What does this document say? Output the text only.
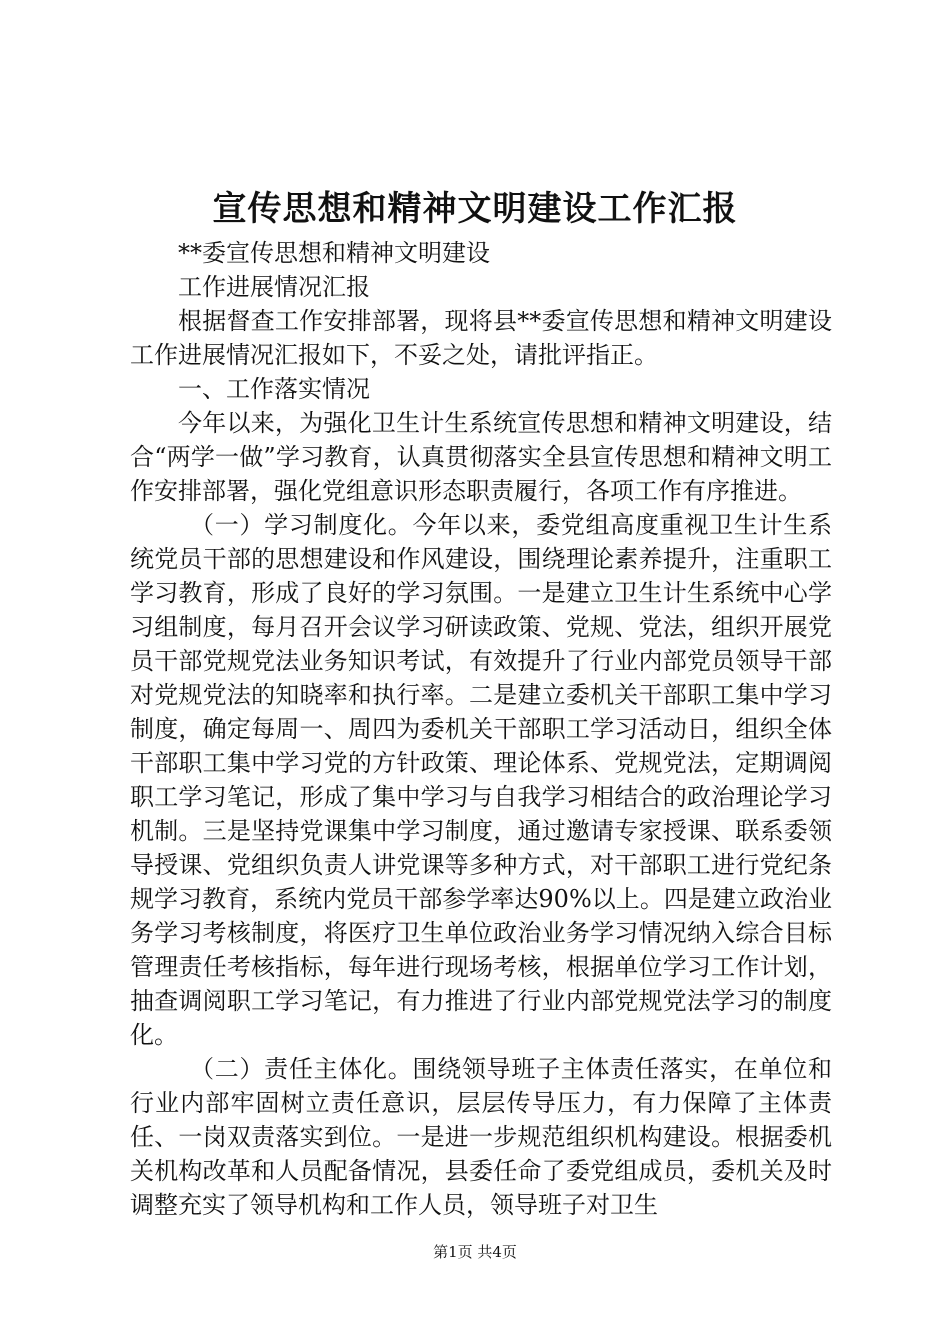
宣传思想和精神文明建设工作汇报

**委宣传思想和精神文明建设

工作进展情况汇报

根据督查工作安排部署，现将县**委宣传思想和精神文明建设工作进展情况汇报如下，不妥之处，请批评指正。

一、工作落实情况

今年以来，为强化卫生计生系统宣传思想和精神文明建设，结合“两学一做”学习教育，认真贯彻落实全县宣传思想和精神文明工作安排部署，强化党组意识形态职责履行，各项工作有序推进。

（一）学习制度化。今年以来，委党组高度重视卫生计生系统党员干部的思想建设和作风建设，围绕理论素养提升，注重职工学习教育，形成了良好的学习氛围。一是建立卫生计生系统中心学习组制度，每月召开会议学习研读政策、党规、党法，组织开展党员干部党规党法业务知识考试，有效提升了行业内部党员领导干部对党规党法的知晓率和执行率。二是建立委机关干部职工集中学习制度，确定每周一、周四为委机关干部职工学习活动日，组织全体干部职工集中学习党的方针政策、理论体系、党规党法，定期调阅职工学习笔记，形成了集中学习与自我学习相结合的政治理论学习机制。三是坚持党课集中学习制度，通过邀请专家授课、联系委领导授课、党组织负责人讲党课等多种方式，对干部职工进行党纪条规学习教育，系统内党员干部参学率达90%以上。四是建立政治业务学习考核制度，将医疗卫生单位政治业务学习情况纳入综合目标管理责任考核指标，每年进行现场考核，根据单位学习工作计划，抽查调阅职工学习笔记，有力推进了行业内部党规党法学习的制度化。

（二）责任主体化。围绕领导班子主体责任落实，在单位和行业内部牢固树立责任意识，层层传导压力，有力保障了主体责任、一岗双责落实到位。一是进一步规范组织机构建设。根据委机关机构改革和人员配备情况，县委任命了委党组成员，委机关及时调整充实了领导机构和工作人员，领导班子对卫生

第1页 共4页
